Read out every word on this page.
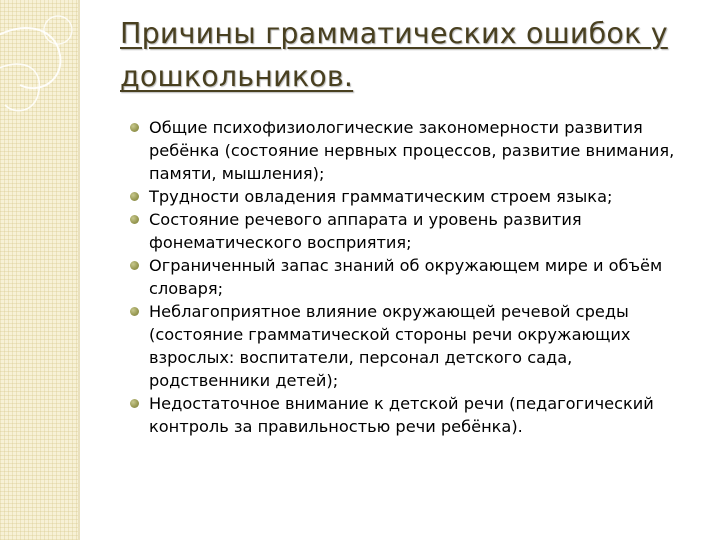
Причины грамматических ошибок у дошкольников.
Общие психофизиологические закономерности развития ребёнка (состояние нервных процессов, развитие внимания, памяти, мышления);
Трудности овладения грамматическим строем языка;
Состояние речевого аппарата и уровень развития фонематического восприятия;
Ограниченный запас знаний об окружающем мире и объём словаря;
Неблагоприятное влияние окружающей речевой среды (состояние грамматической стороны речи окружающих взрослых: воспитатели, персонал детского сада, родственники детей);
Недостаточное внимание к детской речи (педагогический контроль за правильностью речи ребёнка).
